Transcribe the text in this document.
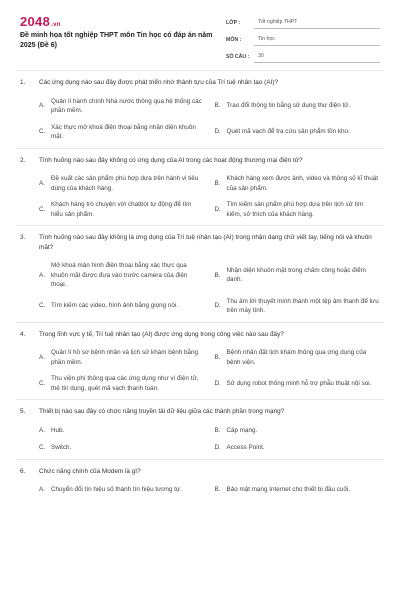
2048.vn
Đề minh họa tốt nghiệp THPT môn Tin học có đáp án năm 2025 (Đề 6)
LỚP :	Tốt nghiệp THPT
MÔN :	Tin học
SỐ CÂU :	30
1.	Các ứng dụng nào sau đây được phát triển nhờ thành tựu của Trí tuệ nhân tạo (AI)?
A.
Quản lí hành chính Nhà nước thông qua hệ thống các phần mềm.
B. Trao đổi thông tin bằng sử dụng thư điện tử.
C.
Xác thực mở khoá điện thoại bằng nhận diện khuôn mặt.
D. Quét mã vạch để tra cứu sản phẩm tồn kho.
2.	Tình huống nào sau đây không có ứng dụng của AI trong các hoạt động thương mại điện tử?
A.
Đề xuất các sản phẩm phù hợp dựa trên hành vi tiêu dùng của khách hàng.
B.
Khách hàng xem được ảnh, video và thông số kĩ thuật của sản phẩm.
C.
Khách hàng trò chuyện với chatbot tự động để tìm hiểu sản phẩm.
D.
Tìm kiếm sản phẩm phù hợp dựa trên lịch sử tìm kiếm, sở thích của khách hàng.
3.	Tình huống nào sau đây không là ứng dụng của Trí tuệ nhân tạo (AI) trong nhận dạng chữ viết tay, tiếng nói và khuôn mặt?
A.
Mở khoá màn hình điện thoại bằng xác thực qua khuôn mặt được đưa vào trước camera của điện thoại.
B.
Nhận diện khuôn mặt trong chấm công hoặc điểm danh.
C. Tìm kiếm các video, hình ảnh bằng giọng nói.	D.
Thu âm lời thuyết minh thành một tệp âm thanh để lưu trên máy tính.
4.	Trong lĩnh vực y tế, Trí tuệ nhân tạo (AI) được ứng dụng trong công việc nào sau đây?
A.
Quản lí hồ sơ bệnh nhân và lịch sử khám bệnh bằng phần mềm.
B.
Bệnh nhân đặt lịch khám thông qua ứng dụng của bệnh viện.
C.
Thu viện phí thông qua các ứng dụng như ví điện tử, thẻ tín dụng, quét mã vạch thanh toán.
D. Sử dụng robot thông minh hỗ trợ phẫu thuật nội soi.
5.	Thiết bị nào sau đây có chức năng truyền tải dữ liệu giữa các thành phần trong mạng?
A. Hub.	B. Cáp mạng.
C. Switch.	D. Access Point.
6.	Chức năng chính của Modem là gì?
A. Chuyển đổi tín hiệu số thành tín hiệu tương tự.	B. Bảo mật mạng Internet cho thiết bị đầu cuối.
